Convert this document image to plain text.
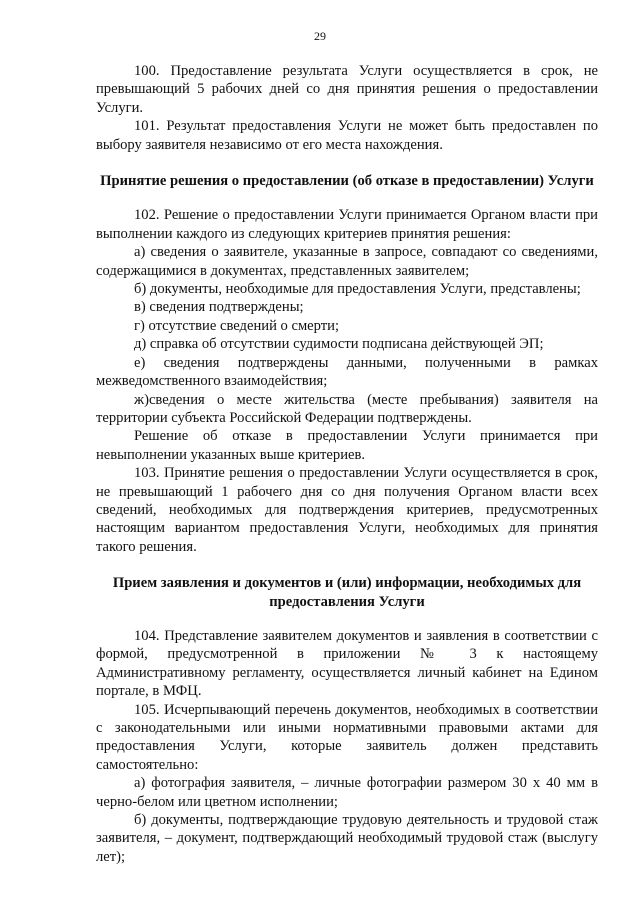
29

100. Предоставление результата Услуги осуществляется в срок, не превышающий 5 рабочих дней со дня принятия решения о предоставлении Услуги.

101. Результат предоставления Услуги не может быть предоставлен по выбору заявителя независимо от его места нахождения.

Принятие решения о предоставлении (об отказе в предоставлении) Услуги

102. Решение о предоставлении Услуги принимается Органом власти при выполнении каждого из следующих критериев принятия решения:

а) сведения о заявителе, указанные в запросе, совпадают со сведениями, содержащимися в документах, представленных заявителем;

б) документы, необходимые для предоставления Услуги, представлены;

в) сведения подтверждены;

г) отсутствие сведений о смерти;

д) справка об отсутствии судимости подписана действующей ЭП;

е) сведения подтверждены данными, полученными в рамках межведомственного взаимодействия;

ж)сведения о месте жительства (месте пребывания) заявителя на территории субъекта Российской Федерации подтверждены.

Решение об отказе в предоставлении Услуги принимается при невыполнении указанных выше критериев.

103. Принятие решения о предоставлении Услуги осуществляется в срок, не превышающий 1 рабочего дня со дня получения Органом власти всех сведений, необходимых для подтверждения критериев, предусмотренных настоящим вариантом предоставления Услуги, необходимых для принятия такого решения.

Прием заявления и документов и (или) информации, необходимых для предоставления Услуги

104. Представление заявителем документов и заявления в соответствии с формой, предусмотренной в приложении № 3 к настоящему Административному регламенту, осуществляется личный кабинет на Едином портале, в МФЦ.

105. Исчерпывающий перечень документов, необходимых в соответствии с законодательными или иными нормативными правовыми актами для предоставления Услуги, которые заявитель должен представить самостоятельно:

а) фотография заявителя, – личные фотографии размером 30 x 40 мм в черно-белом или цветном исполнении;

б) документы, подтверждающие трудовую деятельность и трудовой стаж заявителя, – документ, подтверждающий необходимый трудовой стаж (выслугу лет);
